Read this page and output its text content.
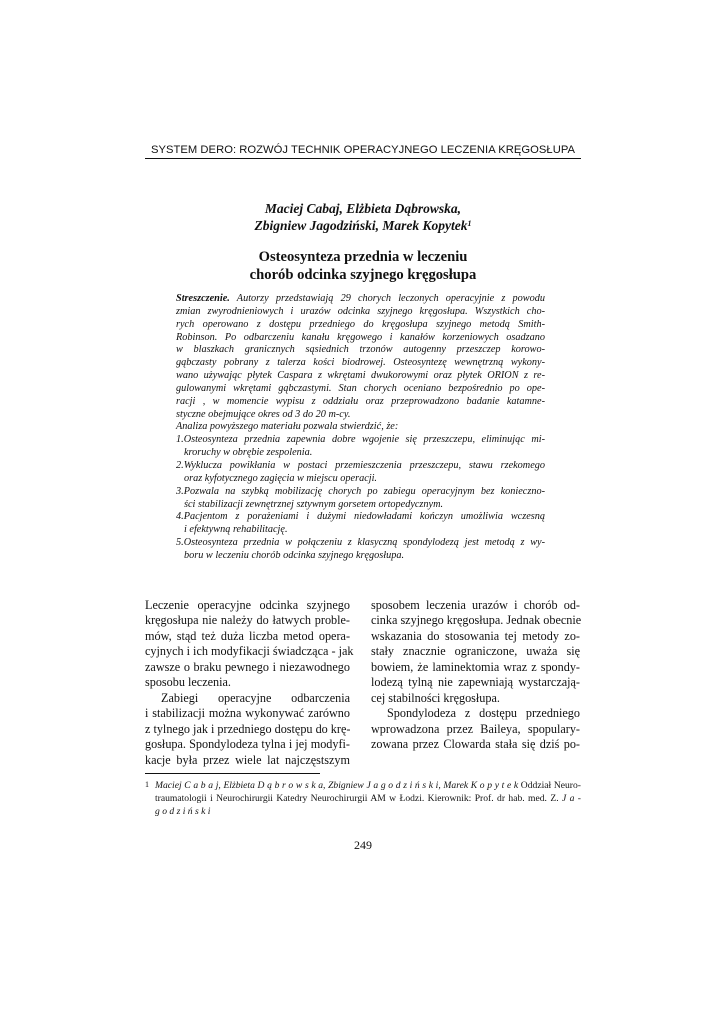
SYSTEM DERO: ROZWÓJ TECHNIK OPERACYJNEGO LECZENIA KRĘGOSŁUPA
Maciej Cabaj, Elżbieta Dąbrowska,
Zbigniew Jagodziński, Marek Kopytek$^1$
Osteosynteza przednia w leczeniu
chorób odcinka szyjnego kręgosłupa
Streszczenie. Autorzy przedstawiają 29 chorych leczonych operacyjnie z powodu
zmian zwyrodnieniowych i urazów odcinka szyjnego kręgosłupa. Wszystkich cho-
rych operowano z dostępu przedniego do kręgosłupa szyjnego metodą Smith-
Robinson. Po odbarczeniu kanału kręgowego i kanałów korzeniowych osadzano
w blaszkach granicznych sąsiednich trzonów autogenny przeszczep korowo-
gąbczasty pobrany z talerza kości biodrowej. Osteosyntezę wewnętrzną wykony-
wano używając płytek Caspara z wkrętami dwukorowymi oraz płytek ORION z re-
gulowanymi wkrętami gąbczastymi. Stan chorych oceniano bezpośrednio po ope-
racji , w momencie wypisu z oddziału oraz przeprowadzono badanie katamne-
styczne obejmujące okres od 3 do 20 m-cy.
Analiza powyższego materiału pozwala stwierdzić, że:
1.Osteosynteza przednia zapewnia dobre wgojenie się przeszczepu, eliminując mi-
kroruchy w obrębie zespolenia.
2.Wyklucza powikłania w postaci przemieszczenia przeszczepu, stawu rzekomego
oraz kyfotycznego zagięcia w miejscu operacji.
3.Pozwala na szybką mobilizację chorych po zabiegu operacyjnym bez konieczno-
ści stabilizacji zewnętrznej sztywnym gorsetem ortopedycznym.
4.Pacjentom z porażeniami i dużymi niedowładami kończyn umożliwia wczesną
i efektywną rehabilitację.
5.Osteosynteza przednia w połączeniu z klasyczną spondylodezą jest metodą z wy-
boru w leczeniu chorób odcinka szyjnego kręgosłupa.
Leczenie operacyjne odcinka szyjnego
kręgosłupa nie należy do łatwych proble-
mów, stąd też duża liczba metod opera-
cyjnych i ich modyfikacji świadcząca - jak
zawsze o braku pewnego i niezawodnego
sposobu leczenia.
Zabiegi operacyjne odbarczenia
i stabilizacji można wykonywać zarówno
z tylnego jak i przedniego dostępu do krę-
gosłupa. Spondylodeza tylna i jej modyfi-
kacje była przez wiele lat najczęstszym
sposobem leczenia urazów i chorób od-
cinka szyjnego kręgosłupa. Jednak obecnie
wskazania do stosowania tej metody zo-
stały znacznie ograniczone, uważa się
bowiem, że laminektomia wraz z spondy-
lodezą tylną nie zapewniają wystarczają-
cej stabilności kręgosłupa.
Spondylodeza z dostępu przedniego
wprowadzona przez Baileya, spopulary-
zowana przez Clowarda stała się dziś po-
1 Maciej C a b a j, Elżbieta D ą b r o w s k a, Zbigniew J a g o d z i ń s k i, Marek K o p y t e k Oddział Neuro-
traumatologii i Neurochirurgii Katedry Neurochirurgii AM w Łodzi. Kierownik: Prof. dr hab. med. Z. J a -
g o d z i ń s k i
249
